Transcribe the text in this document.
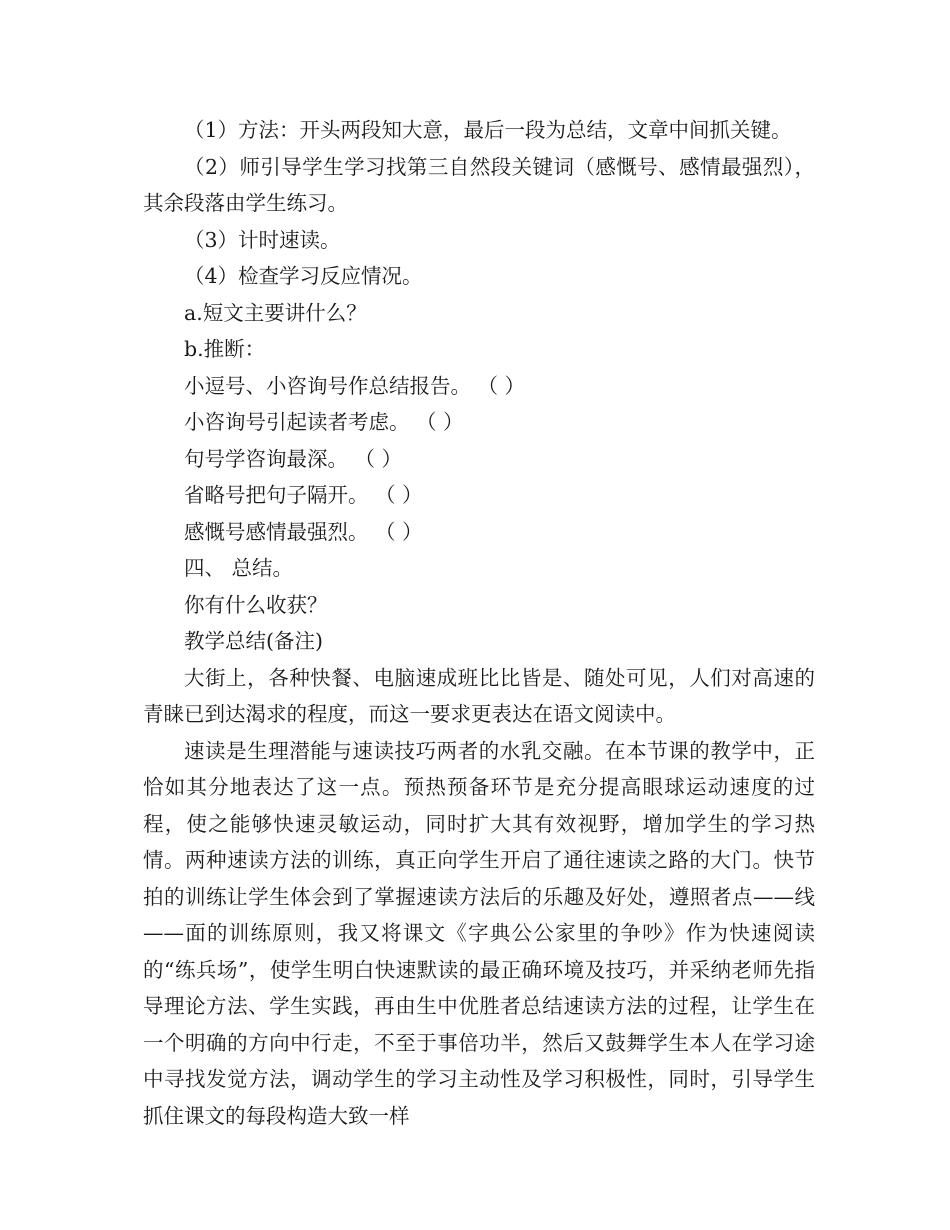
（1）方法：开头两段知大意，最后一段为总结，文章中间抓关键。

（2）师引导学生学习找第三自然段关键词（感慨号、感情最强烈），其余段落由学生练习。

（3）计时速读。
（4）检查学习反应情况。
a.短文主要讲什么？
b.推断：
小逗号、小咨询号作总结报告。 （ ）
小咨询号引起读者考虑。 （ ）
句号学咨询最深。 （ ）
省略号把句子隔开。 （ ）
感慨号感情最强烈。 （ ）
四、 总结。
你有什么收获？
教学总结(备注)

大街上，各种快餐、电脑速成班比比皆是、随处可见，人们对高速的青睐已到达渴求的程度，而这一要求更表达在语文阅读中。

速读是生理潜能与速读技巧两者的水乳交融。在本节课的教学中，正恰如其分地表达了这一点。预热预备环节是充分提高眼球运动速度的过程，使之能够快速灵敏运动，同时扩大其有效视野，增加学生的学习热情。两种速读方法的训练，真正向学生开启了通往速读之路的大门。快节拍的训练让学生体会到了掌握速读方法后的乐趣及好处，遵照者点——线——面的训练原则，我又将课文《字典公公家里的争吵》作为快速阅读的“练兵场”，使学生明白快速默读的最正确环境及技巧，并采纳老师先指导理论方法、学生实践，再由生中优胜者总结速读方法的过程，让学生在一个明确的方向中行走，不至于事倍功半，然后又鼓舞学生本人在学习途中寻找发觉方法，调动学生的学习主动性及学习积极性，同时，引导学生抓住课文的每段构造大致一样
